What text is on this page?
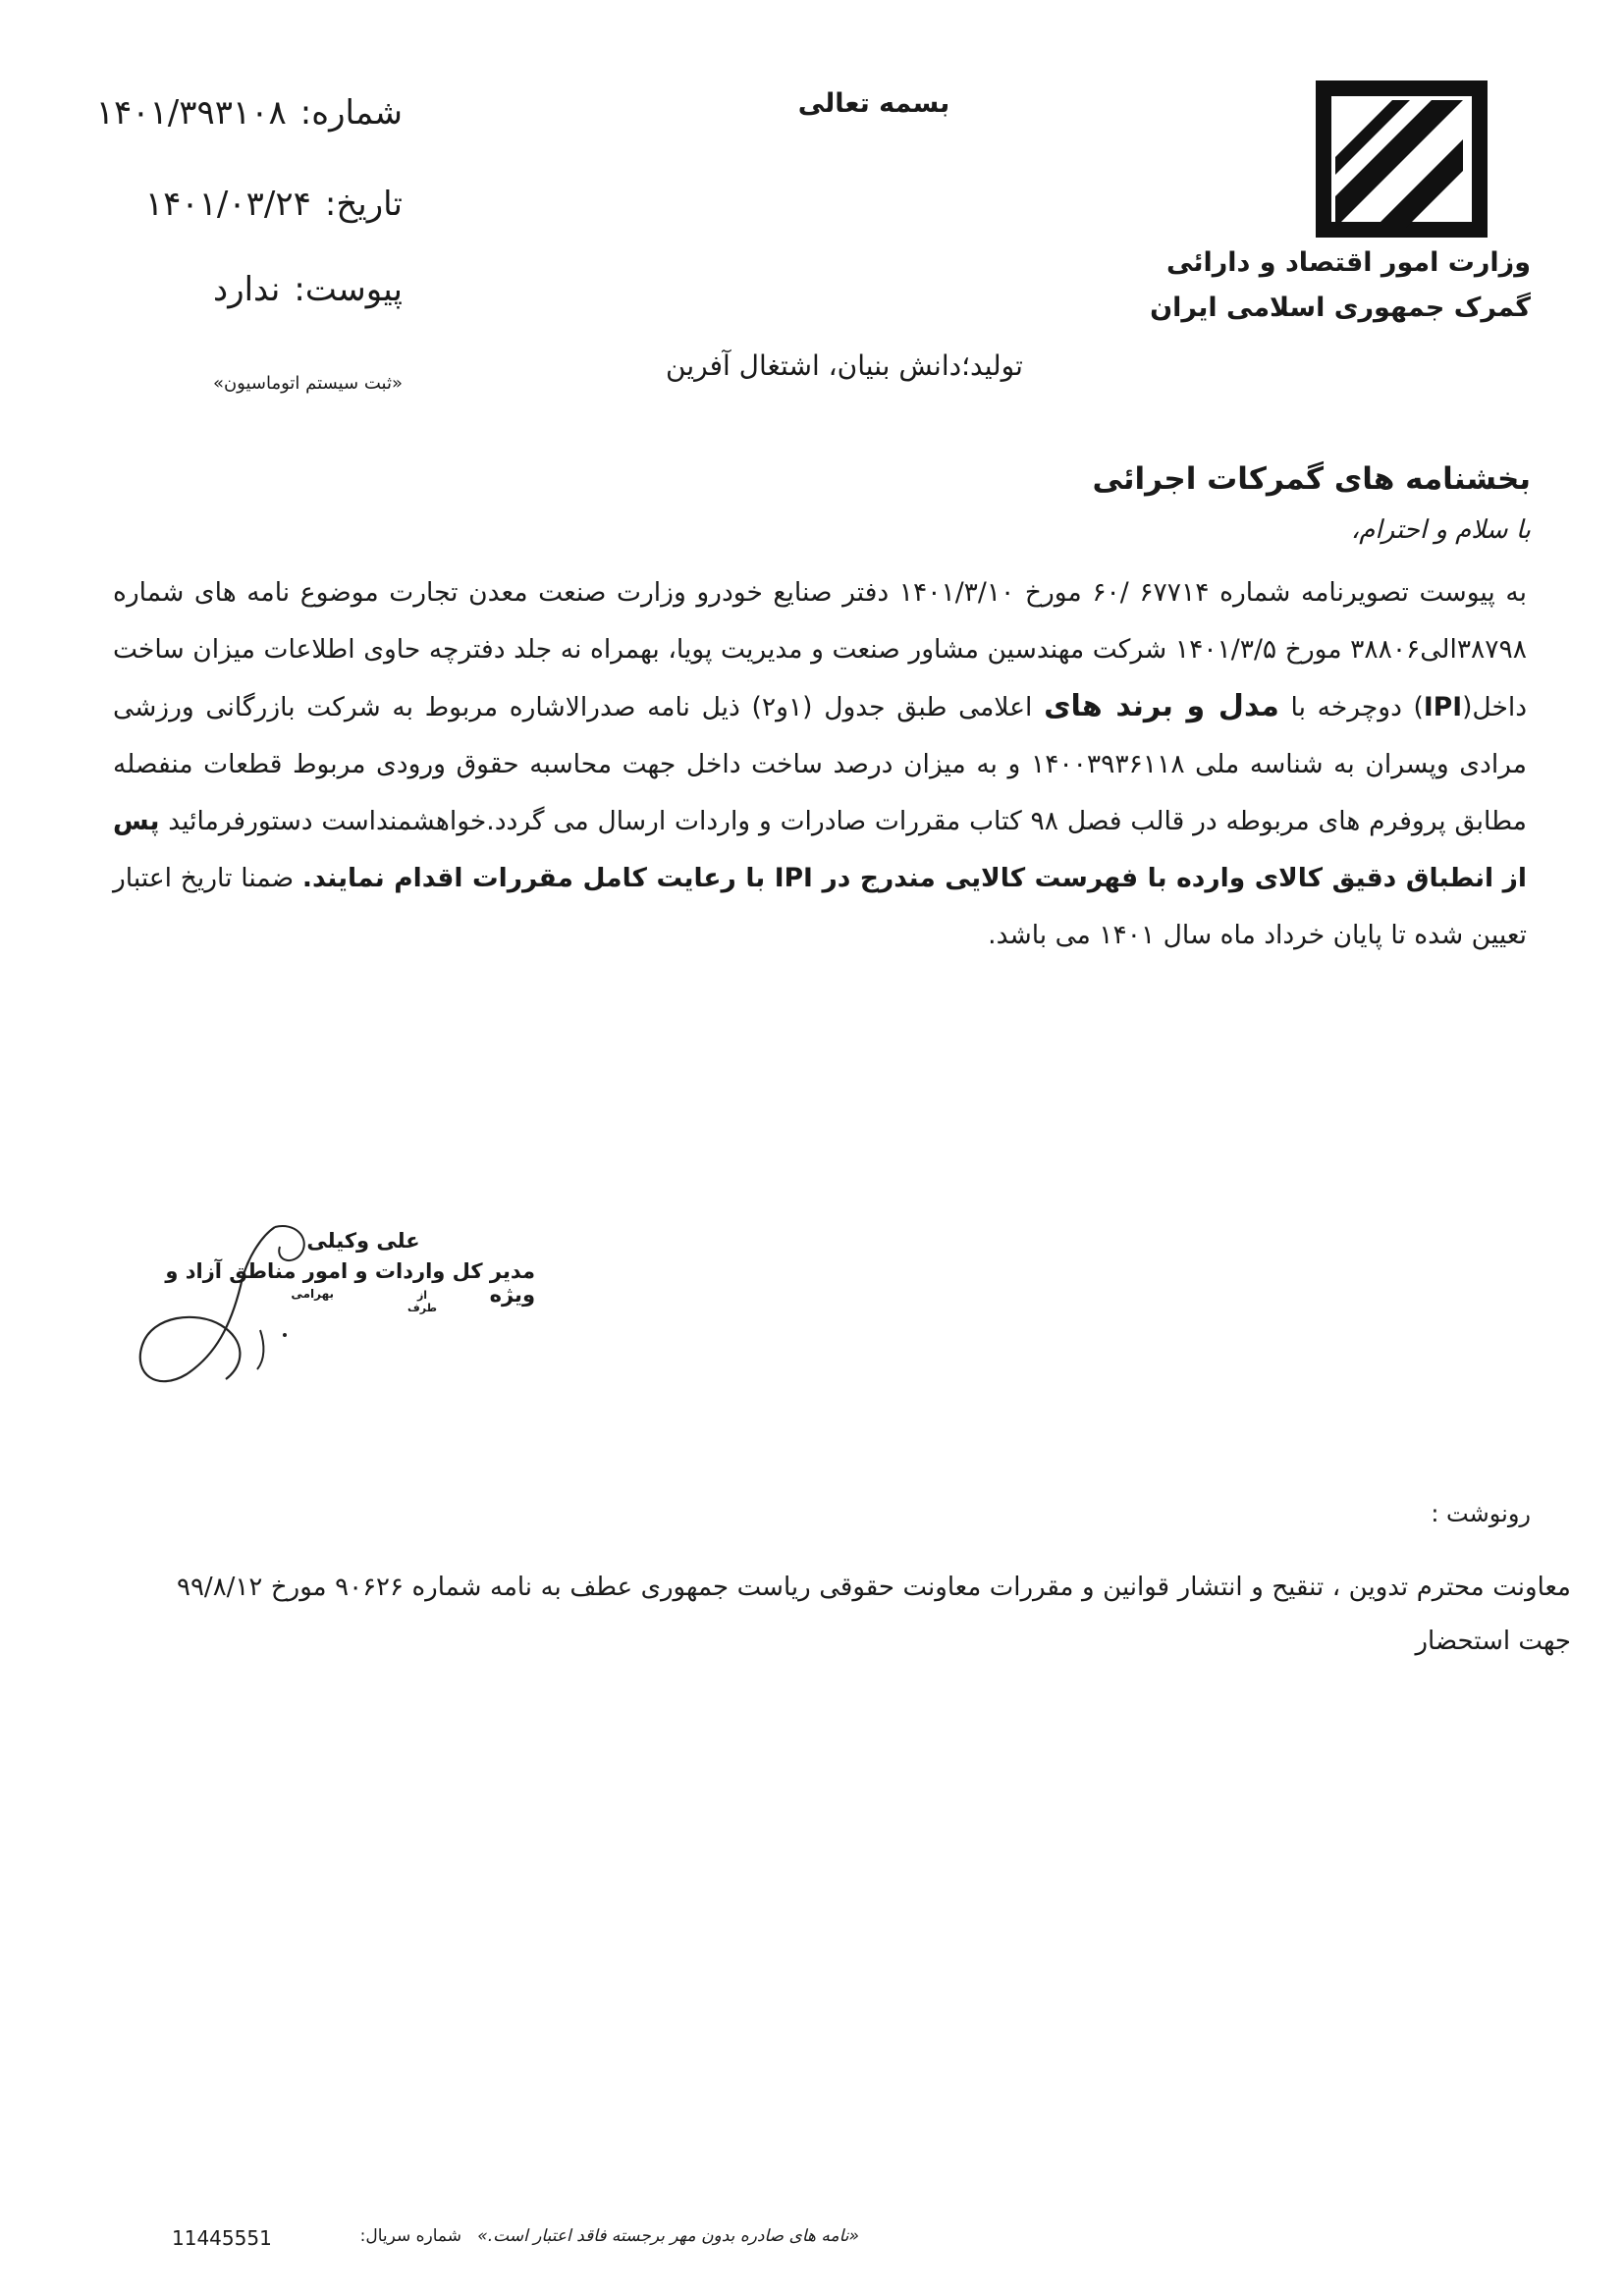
وزارت امور اقتصاد و دارائی
گمرک جمهوری اسلامی ایران
بسمه تعالی
تولید؛دانش بنیان، اشتغال آفرین
شماره:۱۴۰۱/۳۹۳۱۰۸
تاریخ:۱۴۰۱/۰۳/۲۴
پیوست:ندارد
«ثبت سیستم اتوماسیون»
بخشنامه های گمرکات اجرائی
با سلام و احترام،
به پیوست تصویرنامه شماره ۶۷۷۱۴ /۶۰ مورخ ۱۴۰۱/۳/۱۰ دفتر صنایع خودرو وزارت صنعت معدن تجارت موضوع نامه های شماره ۳۸۷۹۸الی۳۸۸۰۶ مورخ ۱۴۰۱/۳/۵ شرکت مهندسین مشاور صنعت و مدیریت پویا، بهمراه نه جلد دفترچه حاوی اطلاعات میزان ساخت داخل(IPI) دوچرخه با مدل و برند های اعلامی طبق جدول (۱و۲) ذیل نامه صدرالاشاره مربوط به شرکت بازرگانی ورزشی مرادی وپسران به شناسه ملی ۱۴۰۰۳۹۳۶۱۱۸ و به میزان درصد ساخت داخل جهت محاسبه حقوق ورودی مربوط قطعات منفصله مطابق پروفرم های مربوطه در قالب فصل ۹۸ کتاب مقررات صادرات و واردات ارسال می گردد.خواهشمنداست دستورفرمائید پس از انطباق دقیق کالای وارده با فهرست کالایی مندرج در IPI با رعایت کامل مقررات اقدام نمایند. ضمنا تاریخ اعتبار تعیین شده تا پایان خرداد ماه سال ۱۴۰۱ می باشد.
علی وکیلی
مدیر کل واردات و امور مناطق آزاد و ویژه
بهرامی	از طرف
رونوشت :
معاونت محترم تدوین ، تنقیح و انتشار قوانین و مقررات معاونت حقوقی ریاست جمهوری عطف به نامه شماره ۹۰۶۲۶ مورخ ۹۹/۸/۱۲ جهت استحضار
«نامه های صادره بدون مهر برجسته فاقد اعتبار است.»
شماره سریال:
11445551
